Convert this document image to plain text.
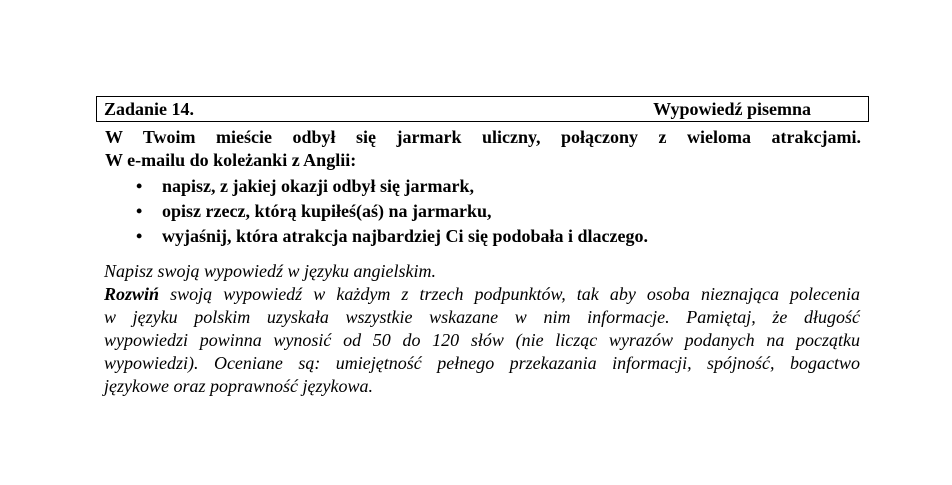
Zadanie 14.	Wypowiedź pisemna
W Twoim mieście odbył się jarmark uliczny, połączony z wieloma atrakcjami.
W e-mailu do koleżanki z Anglii:
• napisz, z jakiej okazji odbył się jarmark,
• opisz rzecz, którą kupiłeś(aś) na jarmarku,
• wyjaśnij, która atrakcja najbardziej Ci się podobała i dlaczego.
Napisz swoją wypowiedź w języku angielskim.
Rozwiń swoją wypowiedź w każdym z trzech podpunktów, tak aby osoba nieznająca polecenia
w języku polskim uzyskała wszystkie wskazane w nim informacje. Pamiętaj, że długość
wypowiedzi powinna wynosić od 50 do 120 słów (nie licząc wyrazów podanych na początku
wypowiedzi). Oceniane są: umiejętność pełnego przekazania informacji, spójność, bogactwo
językowe oraz poprawność językowa.
